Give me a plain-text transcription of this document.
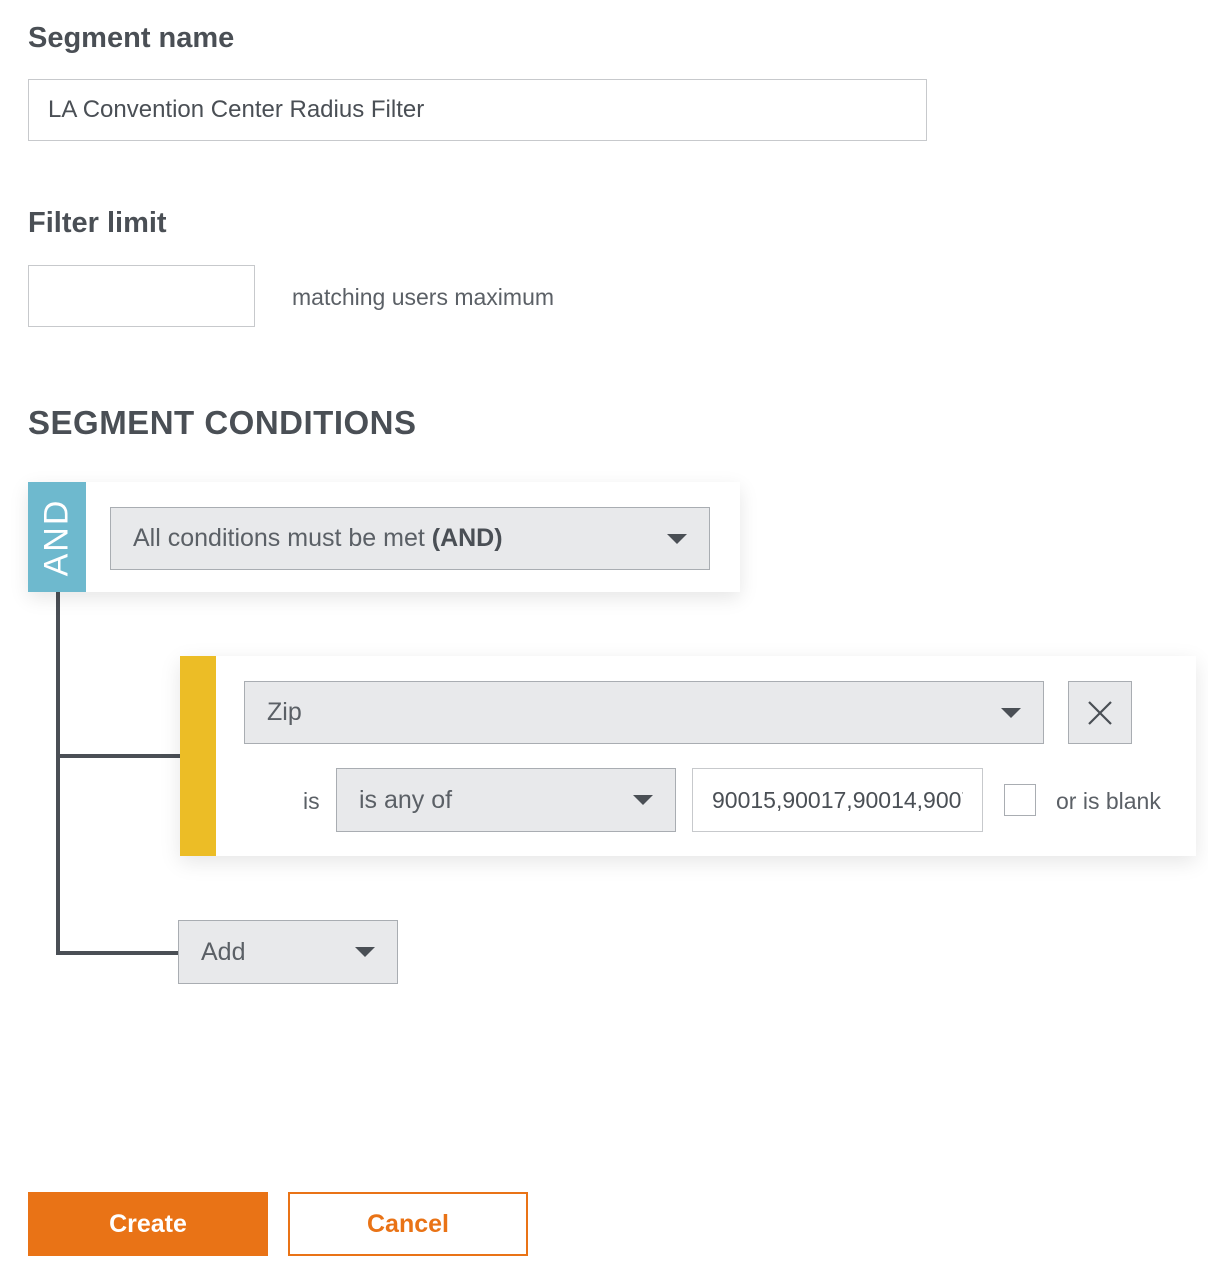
Segment name
LA Convention Center Radius Filter
Filter limit
matching users maximum
SEGMENT CONDITIONS
AND All conditions must be met (AND)
Zip
is is any of
90015,90017,90014,90071	or is blank
Add
Create	Cancel
